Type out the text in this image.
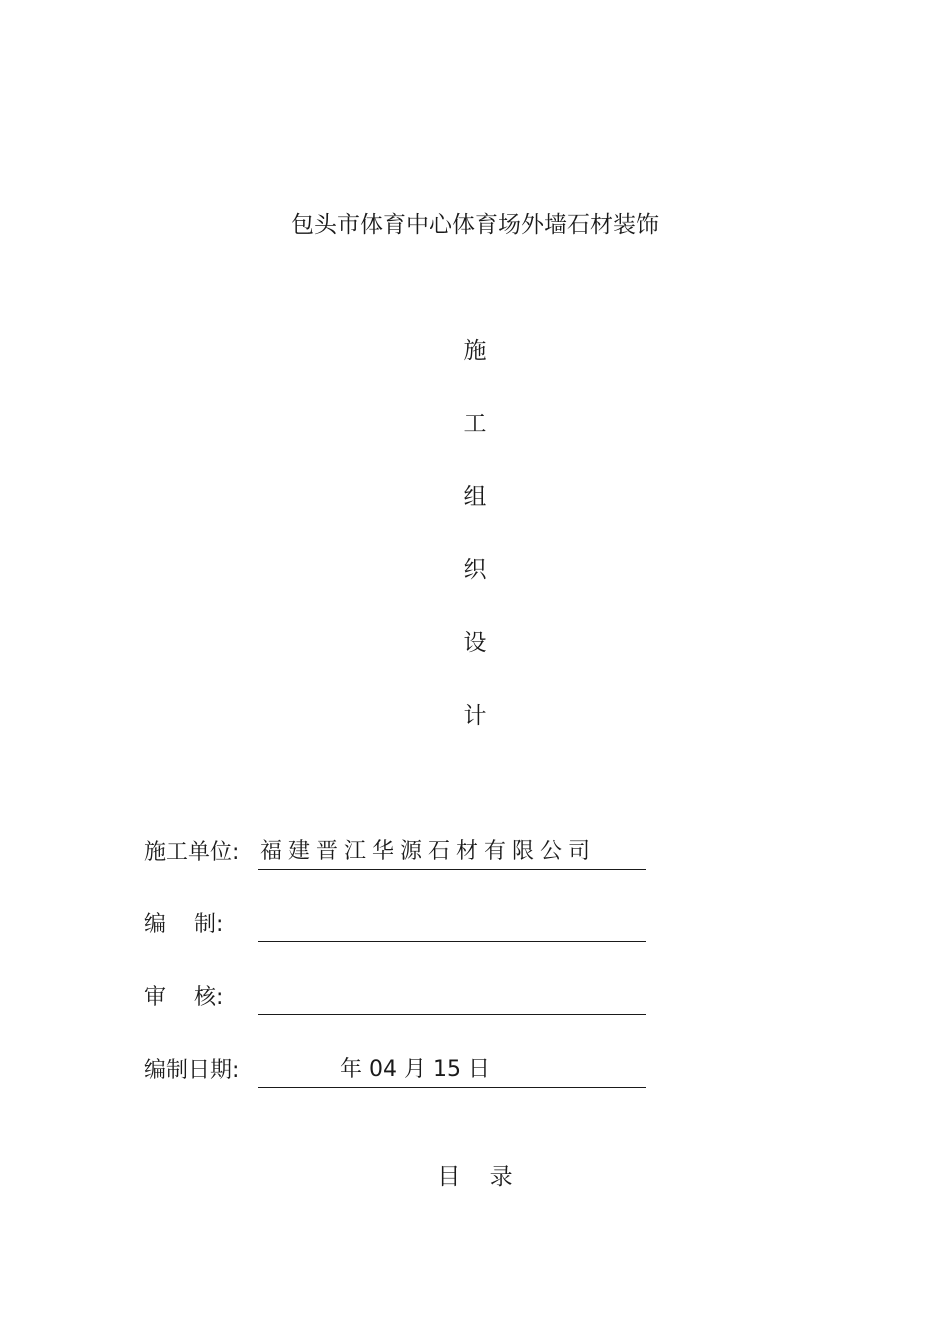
包头市体育中心体育场外墙石材装饰
施
工
组
织
设
计
施工单位: 福建晋江华源石材有限公司
编    制:
审    核:
编制日期:	年 04 月 15 日
目    录
